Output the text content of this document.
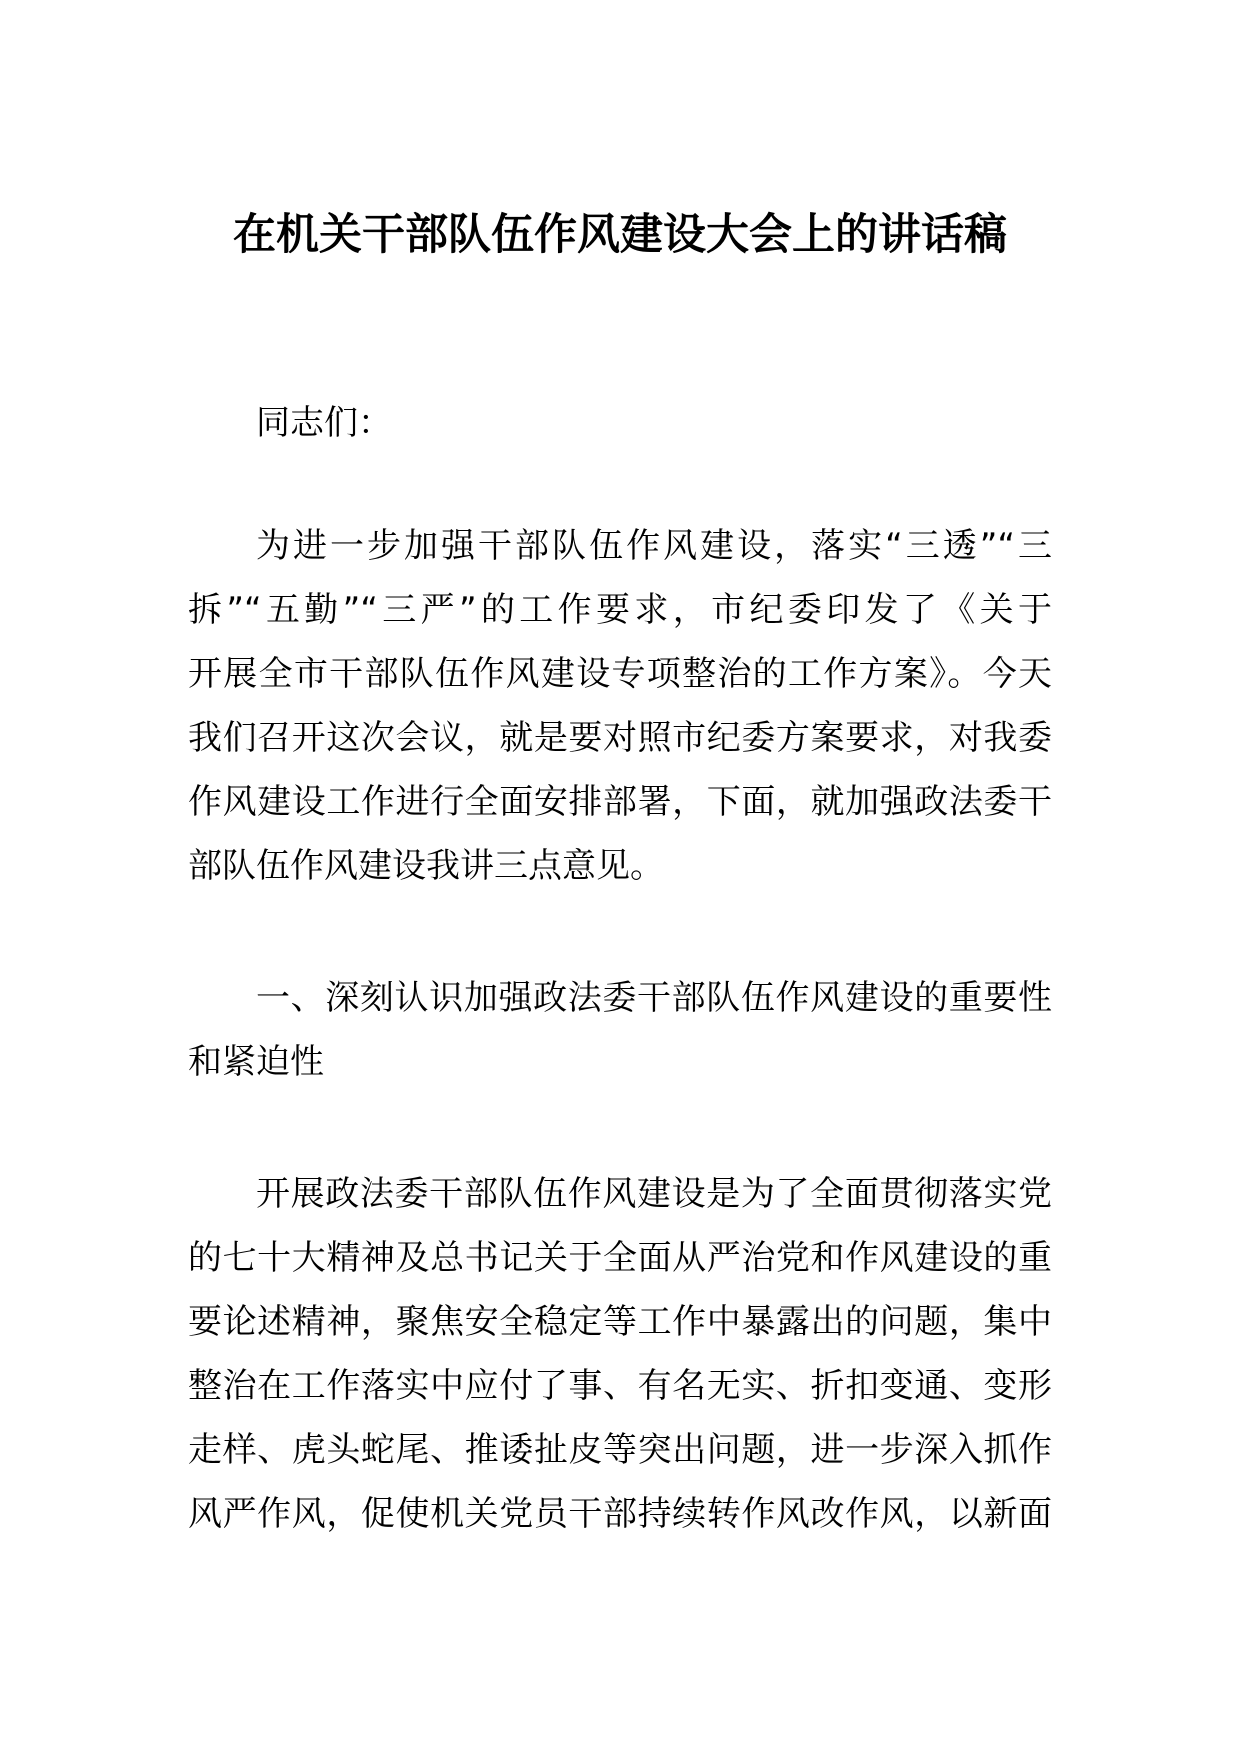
在机关干部队伍作风建设大会上的讲话稿
同志们：
为进一步加强干部队伍作风建设，落实“三透”“三
拆”“五勤”“三严”的工作要求，市纪委印发了《关于
开展全市干部队伍作风建设专项整治的工作方案》。今天
我们召开这次会议，就是要对照市纪委方案要求，对我委
作风建设工作进行全面安排部署，下面，就加强政法委干
部队伍作风建设我讲三点意见。
一、深刻认识加强政法委干部队伍作风建设的重要性
和紧迫性
开展政法委干部队伍作风建设是为了全面贯彻落实党
的七十大精神及总书记关于全面从严治党和作风建设的重
要论述精神，聚焦安全稳定等工作中暴露出的问题，集中
整治在工作落实中应付了事、有名无实、折扣变通、变形
走样、虎头蛇尾、推诿扯皮等突出问题，进一步深入抓作
风严作风，促使机关党员干部持续转作风改作风，以新面
